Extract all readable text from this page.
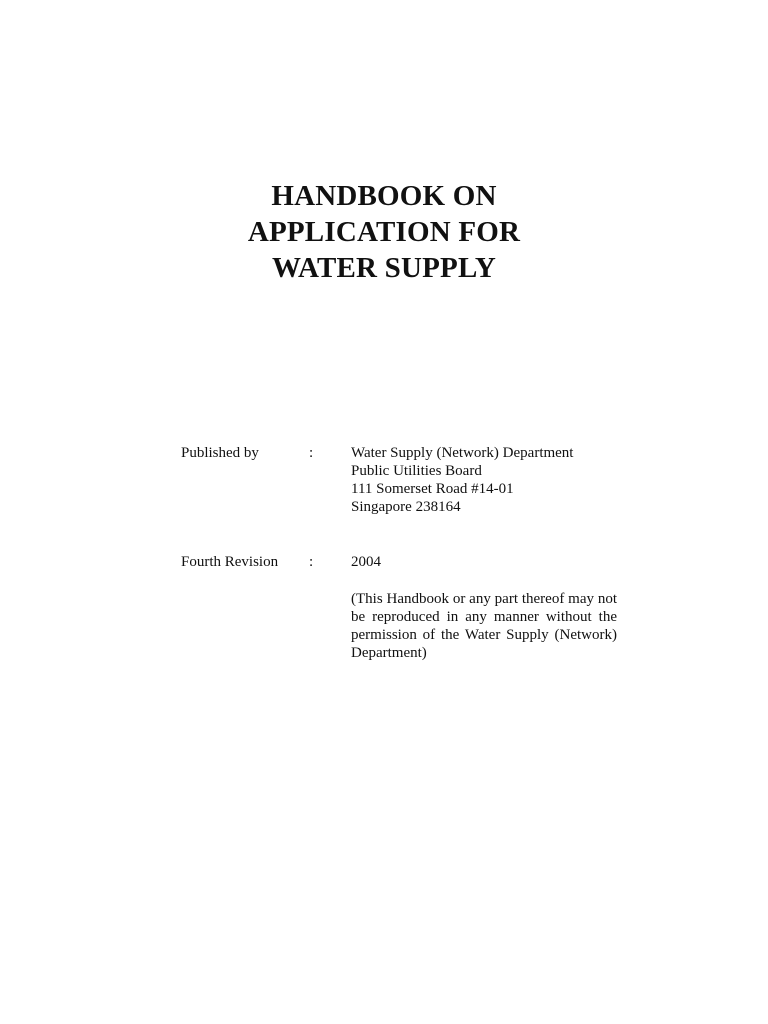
HANDBOOK ON
APPLICATION FOR
WATER SUPPLY
Published by	:	Water Supply (Network) Department
Public Utilities Board
111 Somerset Road #14-01
Singapore 238164
Fourth Revision	:	2004
(This Handbook or any part thereof may not be reproduced in any manner without the permission of the Water Supply (Network) Department)
